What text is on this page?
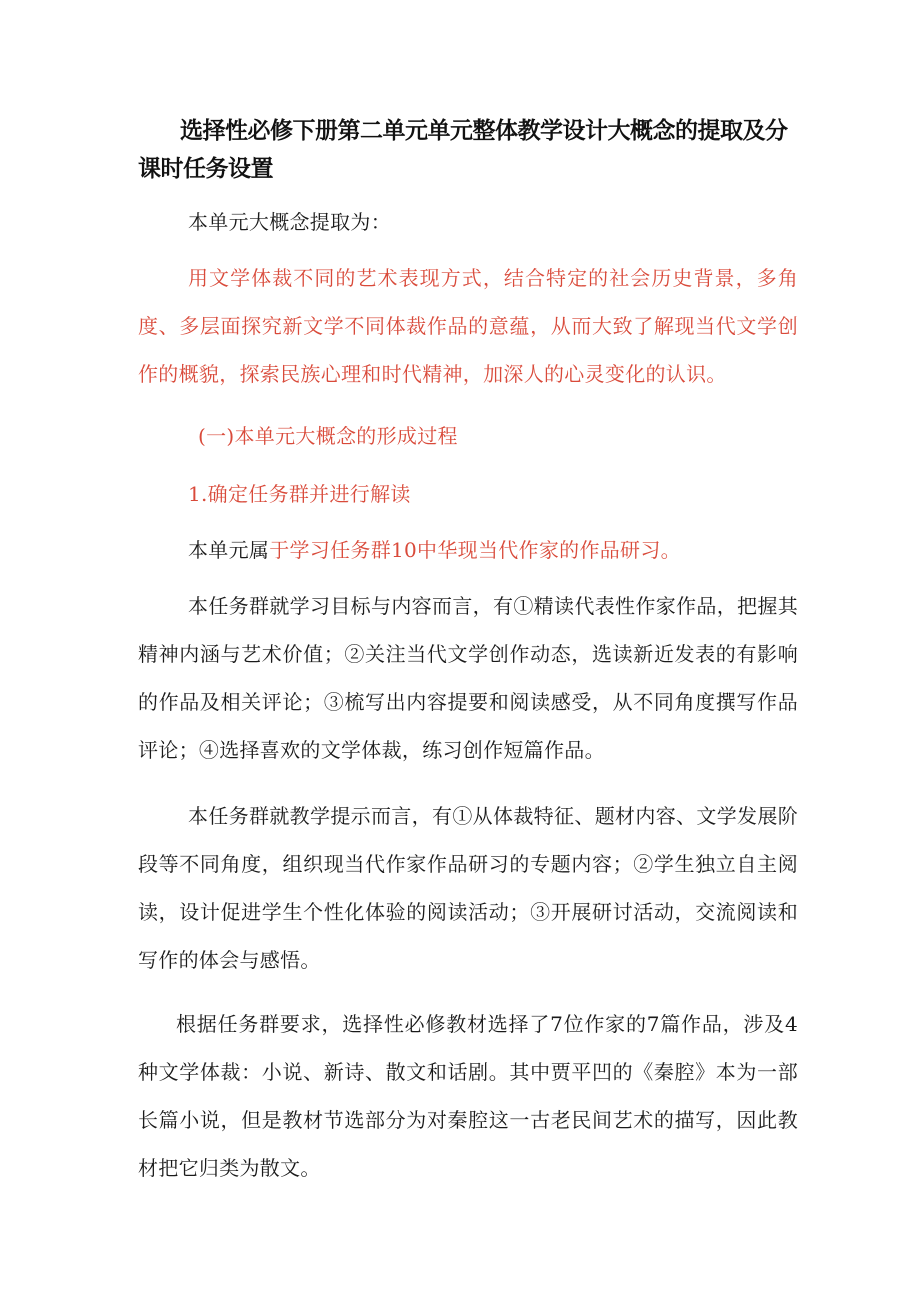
选择性必修下册第二单元单元整体教学设计大概念的提取及分课时任务设置

本单元大概念提取为：

用文学体裁不同的艺术表现方式，结合特定的社会历史背景，多角度、多层面探究新文学不同体裁作品的意蕴，从而大致了解现当代文学创作的概貌，探索民族心理和时代精神，加深人的心灵变化的认识。

(一)本单元大概念的形成过程

1.确定任务群并进行解读

本单元属于学习任务群10中华现当代作家的作品研习。

本任务群就学习目标与内容而言，有①精读代表性作家作品，把握其精神内涵与艺术价值；②关注当代文学创作动态，选读新近发表的有影响的作品及相关评论；③梳写出内容提要和阅读感受，从不同角度撰写作品评论；④选择喜欢的文学体裁，练习创作短篇作品。

本任务群就教学提示而言，有①从体裁特征、题材内容、文学发展阶段等不同角度，组织现当代作家作品研习的专题内容；②学生独立自主阅读，设计促进学生个性化体验的阅读活动；③开展研讨活动，交流阅读和写作的体会与感悟。

根据任务群要求，选择性必修教材选择了7位作家的7篇作品，涉及4种文学体裁：小说、新诗、散文和话剧。其中贾平凹的《秦腔》本为一部长篇小说，但是教材节选部分为对秦腔这一古老民间艺术的描写，因此教材把它归类为散文。
